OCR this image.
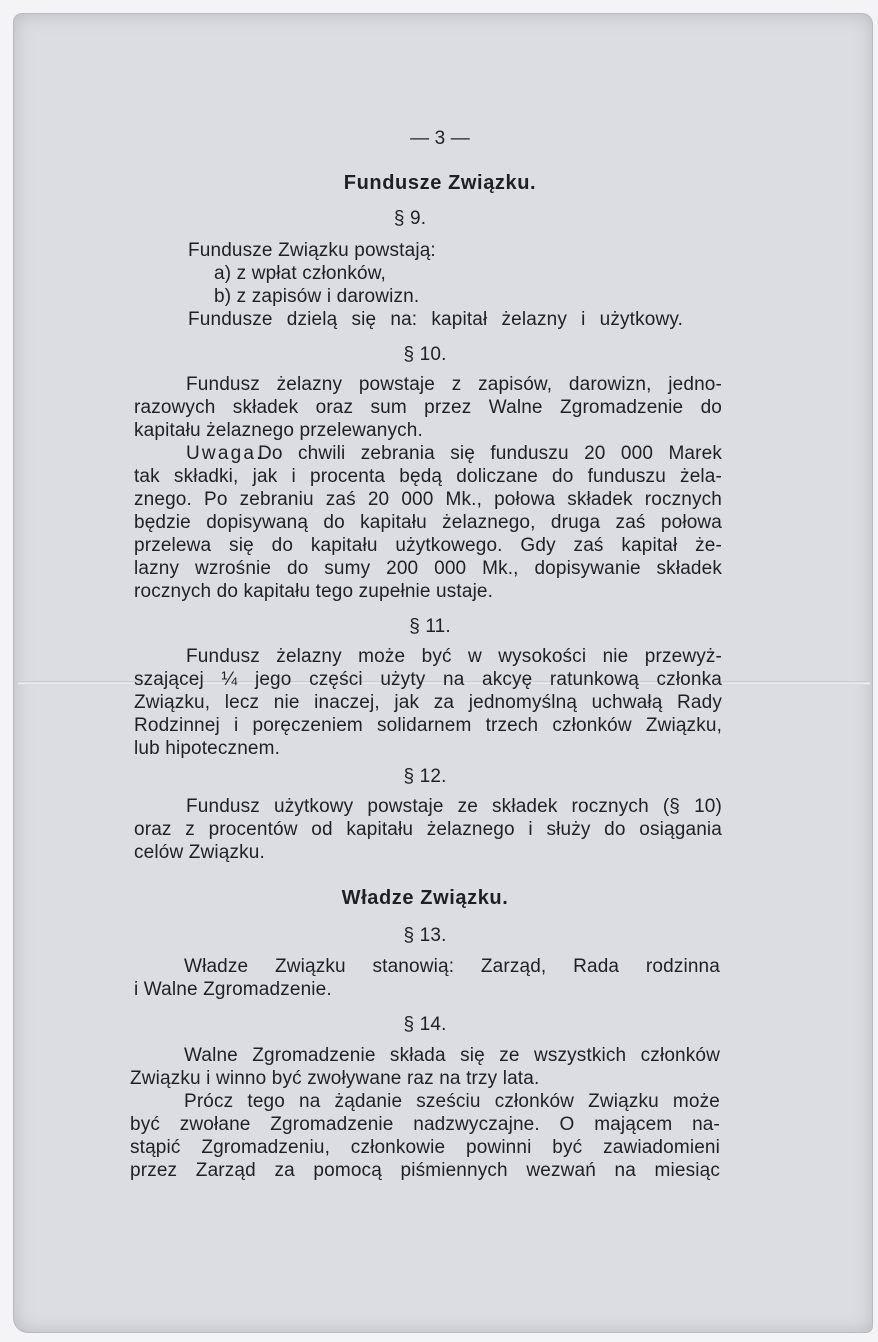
— 3 —

Fundusze Związku.

§ 9.

Fundusze Związku powstają:

a) z wpłat członków,

b) z zapisów i darowizn.

Fundusze dzielą się na: kapitał żelazny i użytkowy.

§ 10.

Fundusz żelazny powstaje z zapisów, darowizn, jedno-

razowych składek oraz sum przez Walne Zgromadzenie do

kapitału żelaznego przelewanych.

Uwaga.

Do chwili zebrania się funduszu 20 000 Marek

tak składki, jak i procenta będą doliczane do funduszu żela-

znego. Po zebraniu zaś 20 000 Mk., połowa składek rocznych

będzie dopisywaną do kapitału żelaznego, druga zaś połowa

przelewa się do kapitału użytkowego. Gdy zaś kapitał że-

lazny wzrośnie do sumy 200 000 Mk., dopisywanie składek

rocznych do kapitału tego zupełnie ustaje.

§ 11.

Fundusz żelazny może być w wysokości nie przewyż-

szającej ¼ jego części użyty na akcyę ratunkową członka

Związku, lecz nie inaczej, jak za jednomyślną uchwałą Rady

Rodzinnej i poręczeniem solidarnem trzech członków Związku,

lub hipotecznem.

§ 12.

Fundusz użytkowy powstaje ze składek rocznych (§ 10)

oraz z procentów od kapitału żelaznego i służy do osiągania

celów Związku.

Władze Związku.

§ 13.

Władze Związku stanowią: Zarząd, Rada rodzinna

i Walne Zgromadzenie.

§ 14.

Walne Zgromadzenie składa się ze wszystkich członków

Związku i winno być zwoływane raz na trzy lata.

Prócz tego na żądanie sześciu członków Związku może

być zwołane Zgromadzenie nadzwyczajne. O mającem na-

stąpić Zgromadzeniu, członkowie powinni być zawiadomieni

przez Zarząd za pomocą piśmiennych wezwań na miesiąc
